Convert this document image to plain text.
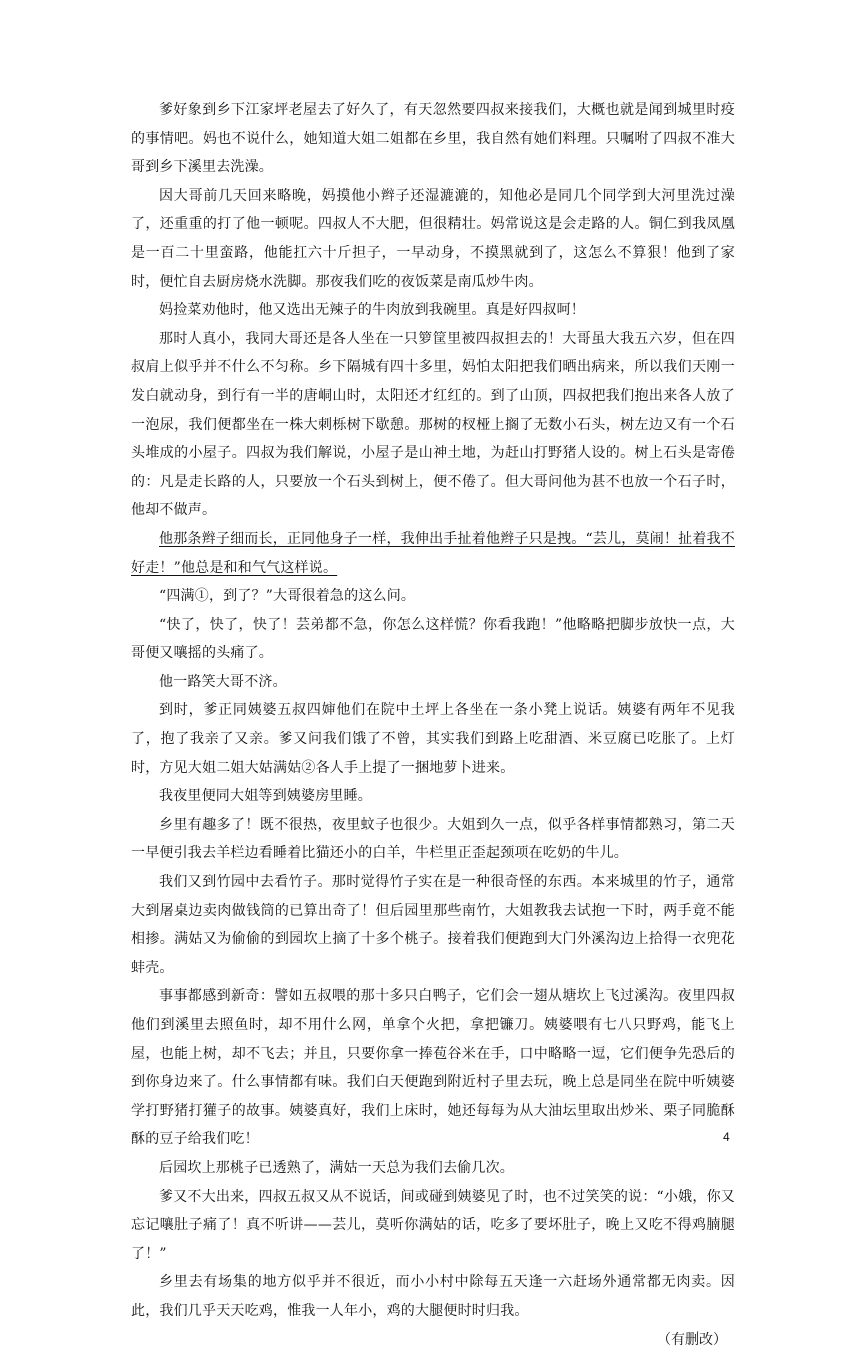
爹好象到乡下江家坪老屋去了好久了，有天忽然要四叔来接我们，大概也就是闻到城里时疫的事情吧。妈也不说什么，她知道大姐二姐都在乡里，我自然有她们料理。只嘱咐了四叔不准大哥到乡下溪里去洗澡。

因大哥前几天回来略晚，妈摸他小辫子还湿漉漉的，知他必是同几个同学到大河里洗过澡了，还重重的打了他一顿呢。四叔人不大肥，但很精壮。妈常说这是会走路的人。铜仁到我凤凰是一百二十里蛮路，他能扛六十斤担子，一早动身，不摸黑就到了，这怎么不算狠！他到了家时，便忙自去厨房烧水洗脚。那夜我们吃的夜饭菜是南瓜炒牛肉。

妈捡菜劝他时，他又选出无辣子的牛肉放到我碗里。真是好四叔呵！

那时人真小，我同大哥还是各人坐在一只箩筐里被四叔担去的！大哥虽大我五六岁，但在四叔肩上似乎并不什么不匀称。乡下隔城有四十多里，妈怕太阳把我们晒出病来，所以我们天刚一发白就动身，到行有一半的唐峒山时，太阳还才红红的。到了山顶，四叔把我们抱出来各人放了一泡尿，我们便都坐在一株大刺栎树下歇憩。那树的杈桠上搁了无数小石头，树左边又有一个石头堆成的小屋子。四叔为我们解说，小屋子是山神土地，为赶山打野猪人设的。树上石头是寄倦的：凡是走长路的人，只要放一个石头到树上，便不倦了。但大哥问他为甚不也放一个石子时，他却不做声。

他那条辫子细而长，正同他身子一样，我伸出手扯着他辫子只是拽。“芸儿，莫闹！扯着我不好走！”他总是和和气气这样说。

“四满①，到了？”大哥很着急的这么问。

“快了，快了，快了！芸弟都不急，你怎么这样慌？你看我跑！”他略略把脚步放快一点，大哥便又嚷摇的头痛了。

他一路笑大哥不济。

到时，爹正同姨婆五叔四婶他们在院中土坪上各坐在一条小凳上说话。姨婆有两年不见我了，抱了我亲了又亲。爹又问我们饿了不曾，其实我们到路上吃甜酒、米豆腐已吃胀了。上灯时，方见大姐二姐大姑满姑②各人手上提了一捆地萝卜进来。

我夜里便同大姐等到姨婆房里睡。

乡里有趣多了！既不很热，夜里蚊子也很少。大姐到久一点，似乎各样事情都熟习，第二天一早便引我去羊栏边看睡着比猫还小的白羊，牛栏里正歪起颈项在吃奶的牛儿。

我们又到竹园中去看竹子。那时觉得竹子实在是一种很奇怪的东西。本来城里的竹子，通常大到屠桌边卖肉做钱筒的已算出奇了！但后园里那些南竹，大姐教我去试抱一下时，两手竟不能相掺。满姑又为偷偷的到园坎上摘了十多个桃子。接着我们便跑到大门外溪沟边上拾得一衣兜花蚌壳。

事事都感到新奇：譬如五叔喂的那十多只白鸭子，它们会一翅从塘坎上飞过溪沟。夜里四叔他们到溪里去照鱼时，却不用什么网，单拿个火把，拿把镰刀。姨婆喂有七八只野鸡，能飞上屋，也能上树，却不飞去；并且，只要你拿一捧苞谷米在手，口中略略一逗，它们便争先恐后的到你身边来了。什么事情都有味。我们白天便跑到附近村子里去玩，晚上总是同坐在院中听姨婆学打野猪打獾子的故事。姨婆真好，我们上床时，她还每每为从大油坛里取出炒米、栗子同脆酥酥的豆子给我们吃！

后园坎上那桃子已透熟了，满姑一天总为我们去偷几次。

爹又不大出来，四叔五叔又从不说话，间或碰到姨婆见了时，也不过笑笑的说：“小娥，你又忘记嚷肚子痛了！真不听讲——芸儿，莫听你满姑的话，吃多了要坏肚子，晚上又吃不得鸡腩腿了！”

乡里去有场集的地方似乎并不很近，而小小村中除每五天逢一六赶场外通常都无肉卖。因此，我们几乎天天吃鸡，惟我一人年小，鸡的大腿便时时归我。

（有删改）

4
